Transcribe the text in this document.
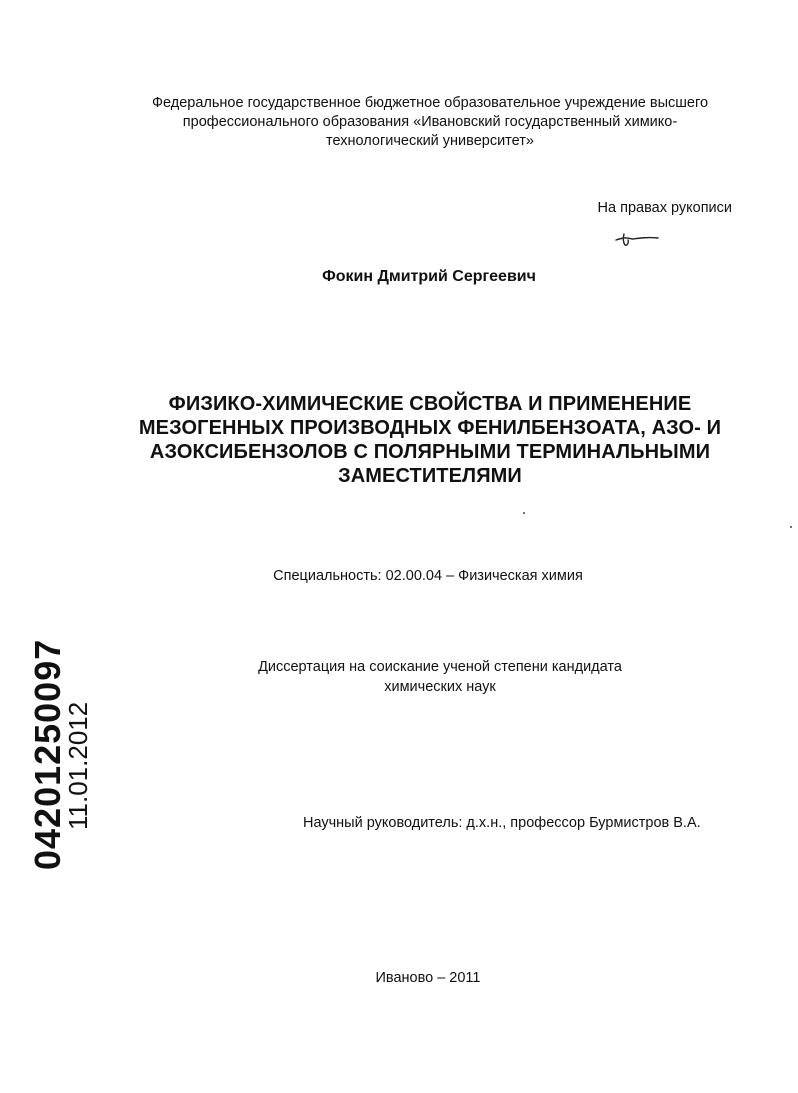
Федеральное государственное бюджетное образовательное учреждение высшего
профессионального образования «Ивановский государственный химико-
технологический университет»
На правах рукописи
Фокин Дмитрий Сергеевич
ФИЗИКО-ХИМИЧЕСКИЕ СВОЙСТВА И ПРИМЕНЕНИЕ
МЕЗОГЕННЫХ ПРОИЗВОДНЫХ ФЕНИЛБЕНЗОАТА, АЗО- И
АЗОКСИБЕНЗОЛОВ С ПОЛЯРНЫМИ ТЕРМИНАЛЬНЫМИ
ЗАМЕСТИТЕЛЯМИ
Специальность: 02.00.04 – Физическая химия
Диссертация на соискание ученой степени кандидата
химических наук
Научный руководитель: д.х.н., профессор Бурмистров В.А.
Иваново – 2011
04201250097
11.01.2012
